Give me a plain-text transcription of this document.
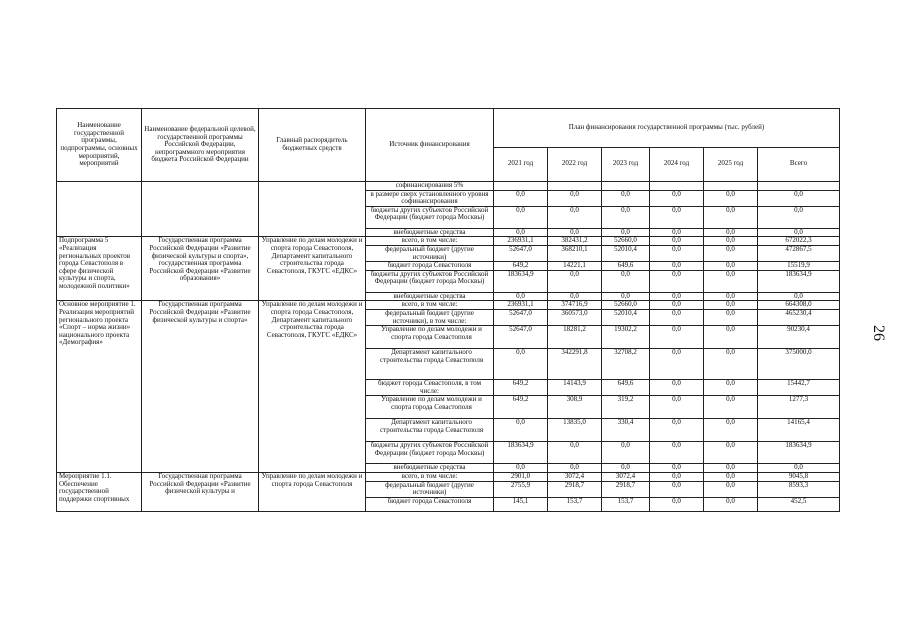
26
Наименование государственной программы, подпрограммы, основных мероприятий, мероприятий	Наименование федеральной целевой, государственной программы Российской Федерации, непрограммного мероприятия бюджета Российской Федерации	Главный распорядитель бюджетных средств	Источник финансирования	План финансирования государственной программы (тыс. рублей)					
				2021 год	2022 год	2023 год	2024 год	2025 год	Всего
			софинансирования 5%						
			в размере сверх установленного уровня софинансирования	0,0	0,0	0,0	0,0	0,0	0,0
			бюджеты других субъектов Российской Федерации (бюджет города Москвы)	0,0	0,0	0,0	0,0	0,0	0,0
			внебюджетные средства	0,0	0,0	0,0	0,0	0,0	0,0
Подпрограмма 5 «Реализация региональных проектов города Севастополя в сфере физической культуры и спорта, молодежной политики»	Государственная программа Российской Федерации «Развитие физической культуры и спорта», государственная программа Российской Федерации «Развитие образования»	Управление по делам молодежи и спорта города Севастополя, Департамент капитального строительства города Севастополя, ГКУГС «ЕДКС»	всего, в том числе:	236931,1	382431,2	52660,0	0,0	0,0	672022,3
			федеральный бюджет (другие источники)	52647,0	368210,1	52010,4	0,0	0,0	472867,5
			бюджет города Севастополя	649,2	14221,1	649,6	0,0	0,0	15519,9
			бюджеты других субъектов Российской Федерации (бюджет города Москвы)	183634,9	0,0	0,0	0,0	0,0	183634,9
			внебюджетные средства	0,0	0,0	0,0	0,0	0,0	0,0
Основное мероприятие 1. Реализация мероприятий регионального проекта «Спорт – норма жизни» национального проекта «Демография»	Государственная программа Российской Федерации «Развитие физической культуры и спорта»	Управление по делам молодежи и спорта города Севастополя, Департамент капитального строительства города Севастополя, ГКУГС «ЕДКС»	всего, в том числе:	236931,1	374716,9	52660,0	0,0	0,0	664308,0
			федеральный бюджет (другие источники), в том числе:	52647,0	360573,0	52010,4	0,0	0,0	465230,4
			Управление по делам молодежи и спорта города Севастополя	52647,0	18281,2	19302,2	0,0	0,0	90230,4
			Департамент капитального строительства города Севастополя	0,0	342291,8	32708,2	0,0	0,0	375000,0
			бюджет города Севастополя, в том числе:	649,2	14143,9	649,6	0,0	0,0	15442,7
			Управление по делам молодежи и спорта города Севастополя	649,2	308,9	319,2	0,0	0,0	1277,3
			Департамент капитального строительства города Севастополя	0,0	13835,0	330,4	0,0	0,0	14165,4
			бюджеты других субъектов Российской Федерации (бюджет города Москвы)	183634,9	0,0	0,0	0,0	0,0	183634,9
			внебюджетные средства	0,0	0,0	0,0	0,0	0,0	0,0
Мероприятие 1.1. Обеспечение государственной поддержки спортивных	Государственная программа Российской Федерации «Развитие физической культуры и	Управление по делам молодежи и спорта города Севастополя	всего, в том числе:	2901,0	3072,4	3072,4	0,0	0,0	9045,8
			федеральный бюджет (другие источники)	2755,9	2918,7	2918,7	0,0	0,0	8593,3
			бюджет города Севастополя	145,1	153,7	153,7	0,0	0,0	452,5
